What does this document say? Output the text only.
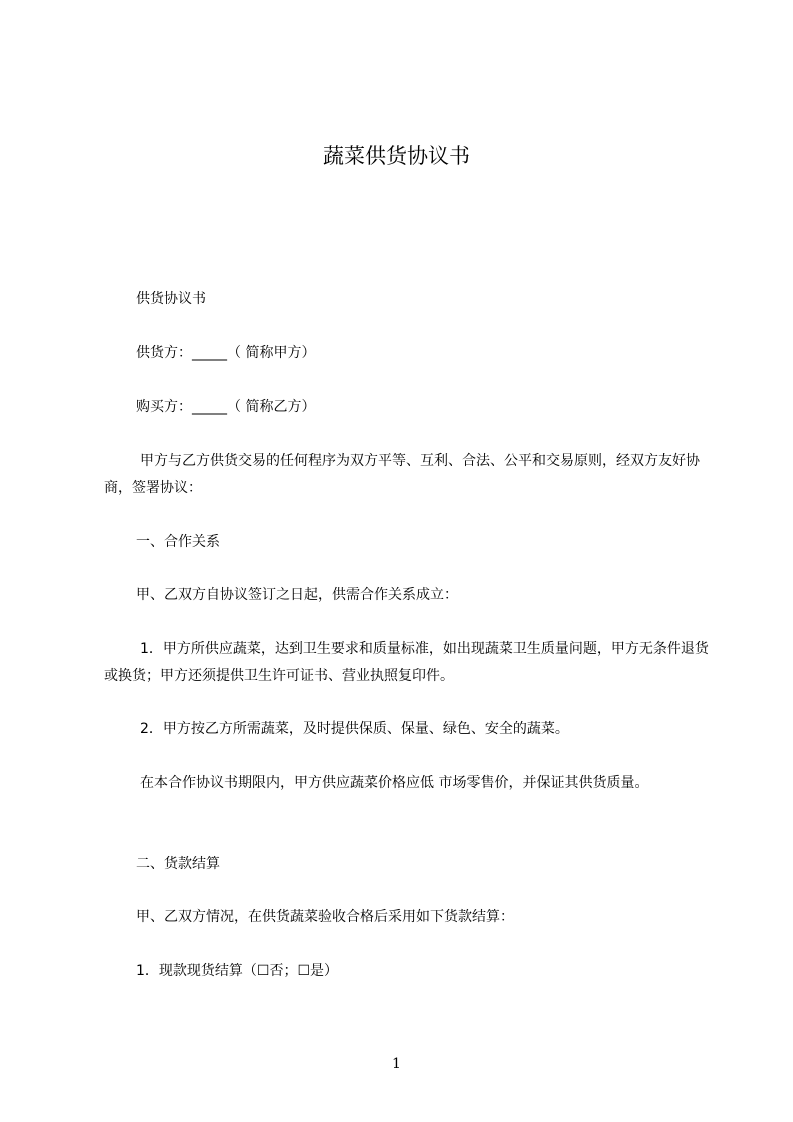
蔬菜供货协议书

供货协议书

供货方：_____（ 简称甲方）

购买方：_____（ 简称乙方）

甲方与乙方供货交易的任何程序为双方平等、互利、合法、公平和交易原则，经双方友好协商，签署协议：

一、合作关系

甲、乙双方自协议签订之日起，供需合作关系成立：

1．甲方所供应蔬菜，达到卫生要求和质量标准，如出现蔬菜卫生质量问题，甲方无条件退货或换货；甲方还须提供卫生许可证书、营业执照复印件。

2．甲方按乙方所需蔬菜，及时提供保质、保量、绿色、安全的蔬菜。

在本合作协议书期限内，甲方供应蔬菜价格应低 市场零售价，并保证其供货质量。

二、货款结算

甲、乙双方情况，在供货蔬菜验收合格后采用如下货款结算：

1．现款现货结算（☐否；☐是）

1
